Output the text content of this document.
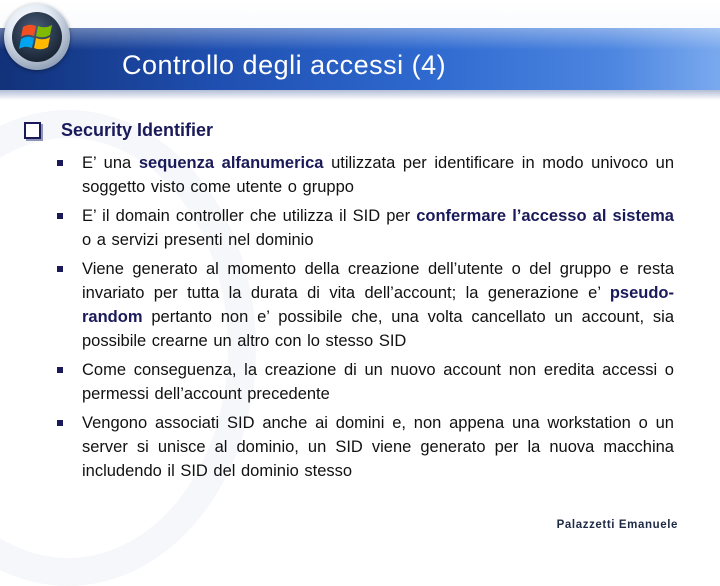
Controllo degli accessi (4)
Security Identifier
E’ una sequenza alfanumerica utilizzata per identificare in modo univoco un soggetto visto come utente o gruppo
E’ il domain controller che utilizza il SID per confermare l’accesso al sistema o a servizi presenti nel dominio
Viene generato al momento della creazione dell’utente o del gruppo e resta invariato per tutta la durata di vita dell’account; la generazione e’ pseudo-random pertanto non e’ possibile che, una volta cancellato un account, sia possibile crearne un altro con lo stesso SID
Come conseguenza, la creazione di un nuovo account non eredita accessi o permessi dell’account precedente
Vengono associati SID anche ai domini e, non appena una workstation o un server si unisce al dominio, un SID viene generato per la nuova macchina includendo il SID del dominio stesso
Palazzetti Emanuele
